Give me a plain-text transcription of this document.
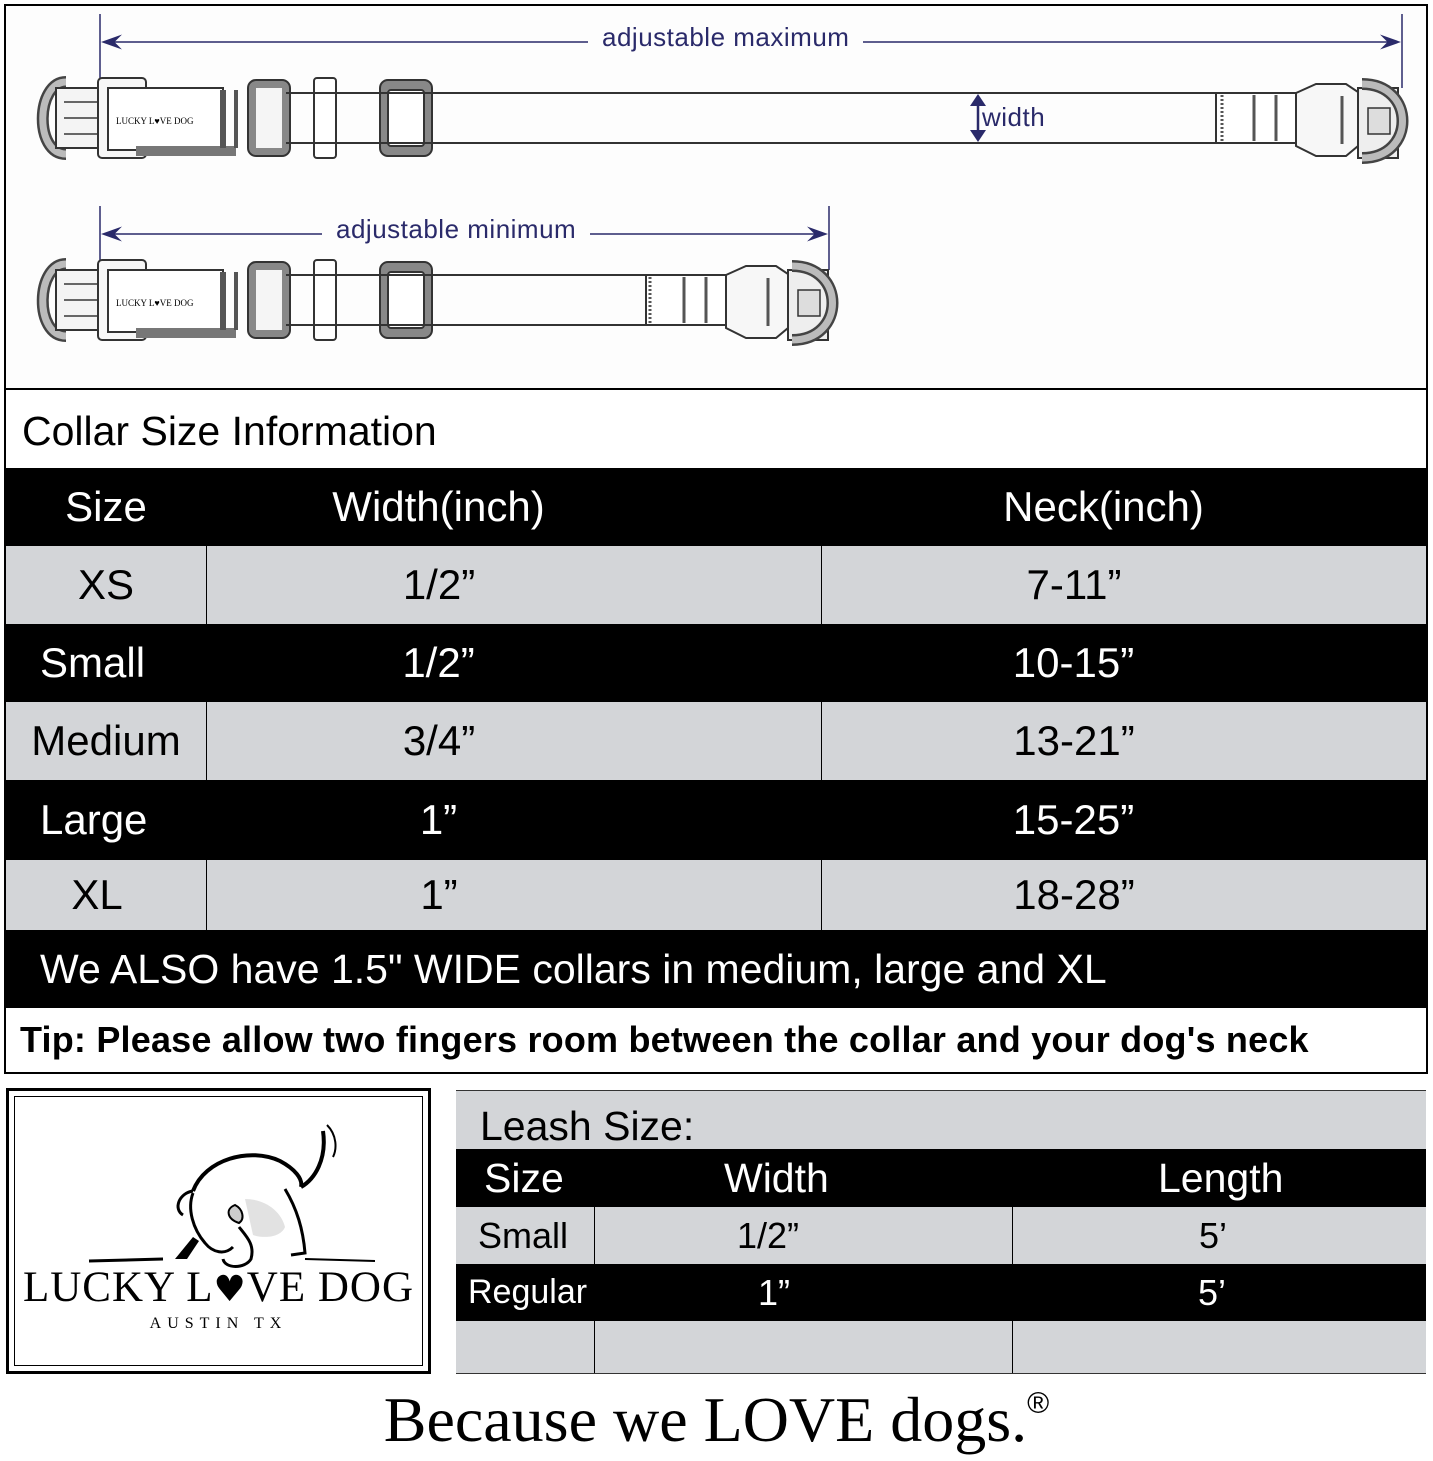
adjustable maximum
adjustable minimum
width
LUCKY L♥VE DOG
LUCKY L♥VE DOG
Collar Size Information
Size	Width(inch)	Neck(inch)
XS	1/2”	7-11”
Small	1/2”	10-15”
Medium	3/4”	13-21”
Large	1”	15-25”
XL	1”	18-28”
We ALSO have 1.5" WIDE collars in medium, large and XL
Tip: Please allow two fingers room between the collar and your dog's neck
LUCKY L♥VE DOG
AUSTIN TX
Leash Size:
Size	Width	Length
Small	1/2”	5’
Regular	1”	5’
Because we LOVE dogs.®
